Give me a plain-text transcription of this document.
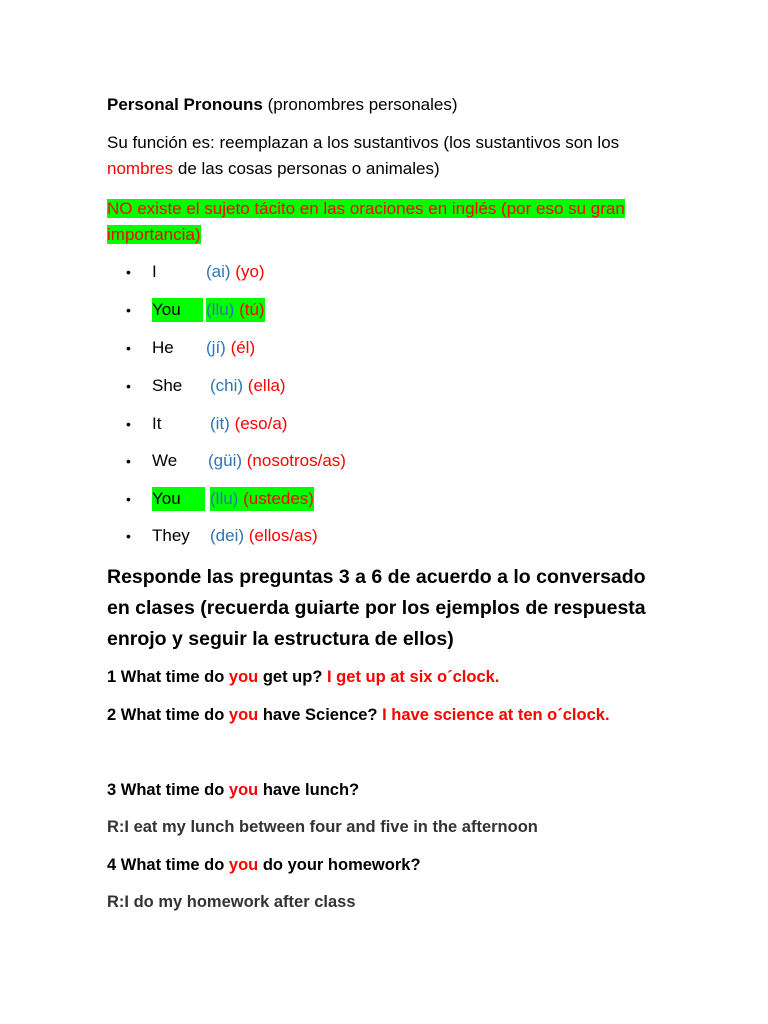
Personal Pronouns (pronombres personales)
Su función es: reemplazan a los sustantivos (los sustantivos son los
nombres de las cosas personas o animales)
NO existe el sujeto tácito en las oraciones en inglés (por eso su gran importancia)
• I	(ai) (yo)
• You	(llu) (tú)
• He (jí) (él)
• She (chi) (ella)
• It	(it) (eso/a)
• We (güi) (nosotros/as)
• You	(llu) (ustedes)
• They (dei) (ellos/as)
Responde las preguntas 3 a 6 de acuerdo a lo conversado en clases (recuerda guiarte por los ejemplos de respuesta enrojo y seguir la estructura de ellos)
1 What time do you get up? I get up at six o´clock.
2 What time do you have Science? I have science at ten o´clock.
3 What time do you have lunch?
R:I eat my lunch between four and five in the afternoon
4 What time do you do your homework?
R:I do my homework after class
